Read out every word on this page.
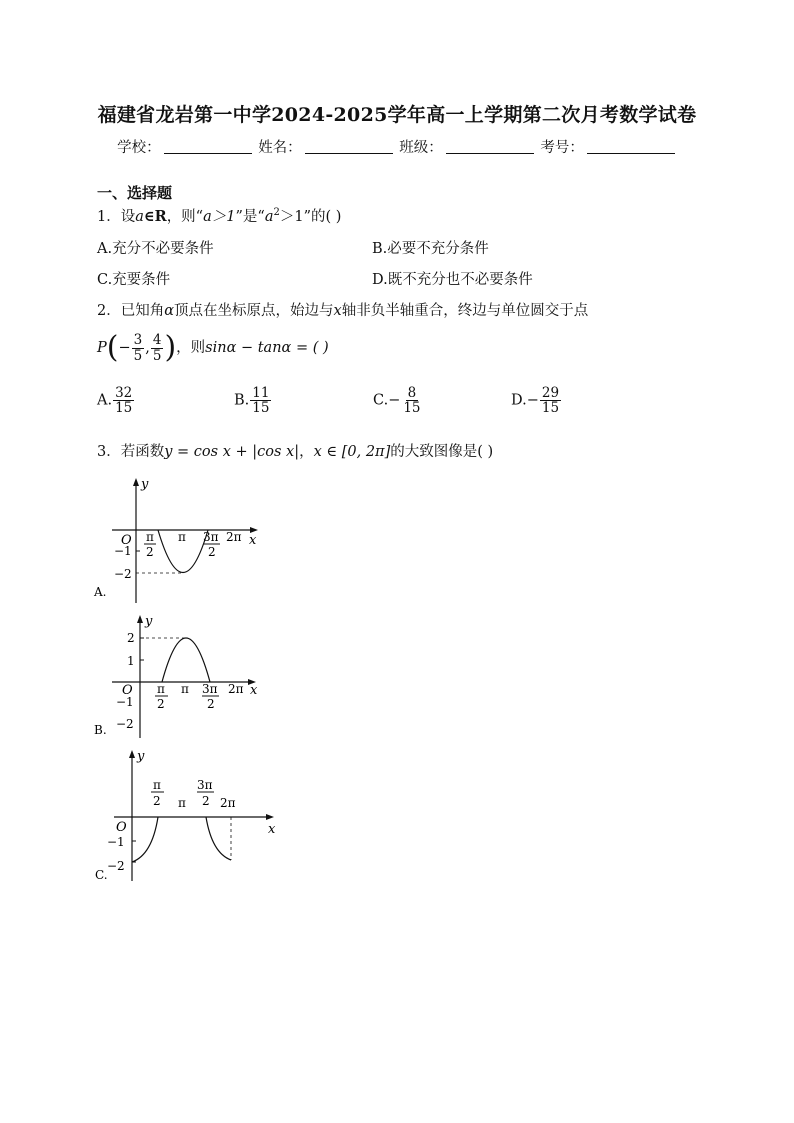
福建省龙岩第一中学2024-2025学年高一上学期第二次月考数学试卷
学校：	姓名：	班级：	考号：
一、选择题
1．设a∈R，则“a＞1”是“$a^2>1$”的( )
A.充分不必要条件	B.必要不充分条件
C.充要条件	D.既不充分也不必要条件
2．已知角α顶点在坐标原点，始边与x轴非负半轴重合，终边与单位圆交于点
$P(- \frac{3}{5}$ , $\frac{4}{5}$ )，则sinα − tanα = ( )
A. $\frac{32}{15}$	B. $\frac{11}{15}$	$C.- \frac{8}{15}$	$D.- \frac{29}{15}$
3．若函数y = cos x + |cos x|，x ∈ [0, 2π]的大致图像是( )
y
x
O
−1
−2
π
2
π 3π
2
2π
A.
y
x
O
2
1
−1
−2
π
2
π 3π
2
2π
B.
y
x
O
−1
−2
π
2 π
3π
2 2π
C.
